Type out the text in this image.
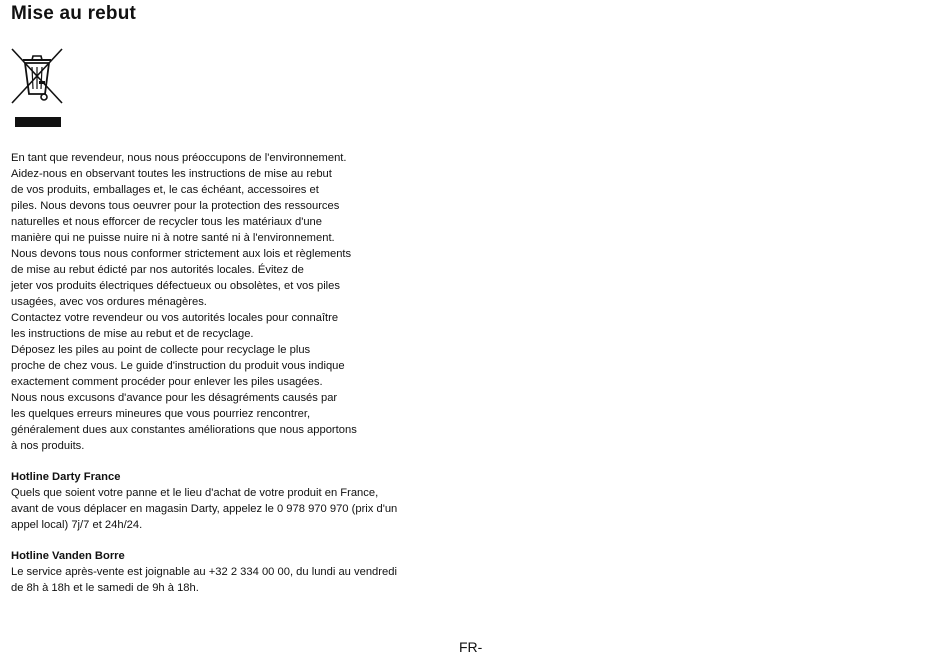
Mise au rebut
En tant que revendeur, nous nous préoccupons de l'environnement.
Aidez-nous en observant toutes les instructions de mise au rebut
de vos produits, emballages et, le cas échéant, accessoires et
piles. Nous devons tous oeuvrer pour la protection des ressources
naturelles et nous efforcer de recycler tous les matériaux d'une
manière qui ne puisse nuire ni à notre santé ni à l'environnement.
Nous devons tous nous conformer strictement aux lois et règlements
de mise au rebut édicté par nos autorités locales. Évitez de
jeter vos produits électriques défectueux ou obsolètes, et vos piles
usagées, avec vos ordures ménagères.
Contactez votre revendeur ou vos autorités locales pour connaître
les instructions de mise au rebut et de recyclage.
Déposez les piles au point de collecte pour recyclage le plus
proche de chez vous. Le guide d'instruction du produit vous indique
exactement comment procéder pour enlever les piles usagées.
Nous nous excusons d'avance pour les désagréments causés par
les quelques erreurs mineures que vous pourriez rencontrer,
généralement dues aux constantes améliorations que nous apportons
à nos produits.
Hotline Darty France
Quels que soient votre panne et le lieu d'achat de votre produit en France,
avant de vous déplacer en magasin Darty, appelez le 0 978 970 970 (prix d'un
appel local) 7j/7 et 24h/24.
Hotline Vanden Borre
Le service après-vente est joignable au +32 2 334 00 00, du lundi au vendredi
de 8h à 18h et le samedi de 9h à 18h.
FR-
